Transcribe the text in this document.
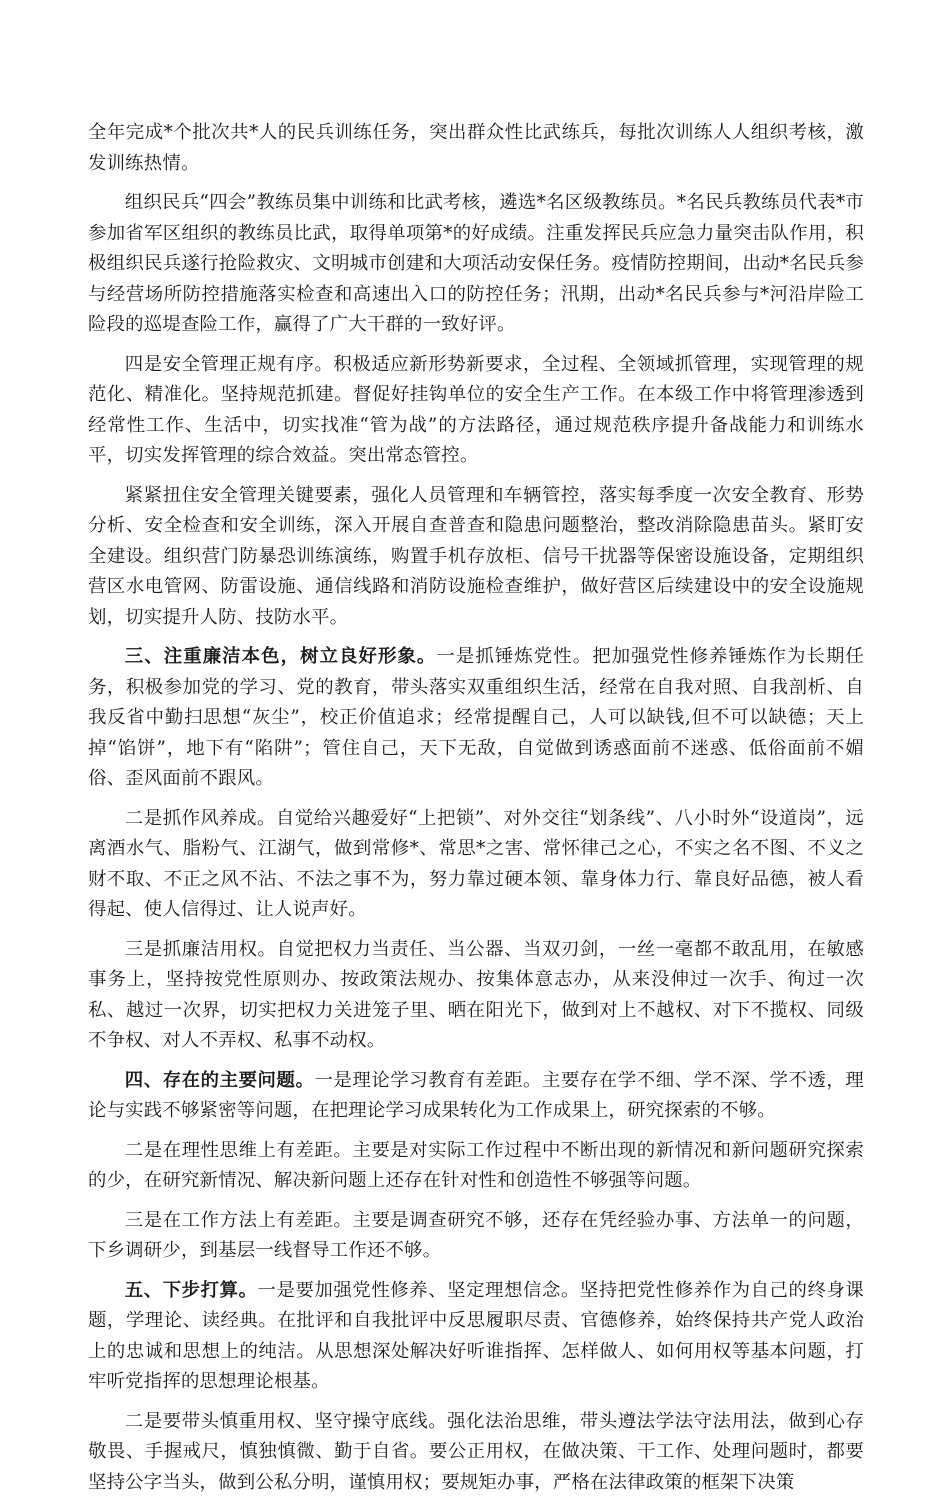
全年完成*个批次共*人的民兵训练任务，突出群众性比武练兵，每批次训练人人组织考核，激发训练热情。

组织民兵“四会”教练员集中训练和比武考核，遴选*名区级教练员。*名民兵教练员代表*市参加省军区组织的教练员比武，取得单项第*的好成绩。注重发挥民兵应急力量突击队作用，积极组织民兵遂行抢险救灾、文明城市创建和大项活动安保任务。疫情防控期间，出动*名民兵参与经营场所防控措施落实检查和高速出入口的防控任务；汛期，出动*名民兵参与*河沿岸险工险段的巡堤查险工作，赢得了广大干群的一致好评。

四是安全管理正规有序。积极适应新形势新要求，全过程、全领域抓管理，实现管理的规范化、精准化。坚持规范抓建。督促好挂钩单位的安全生产工作。在本级工作中将管理渗透到经常性工作、生活中，切实找准“管为战”的方法路径，通过规范秩序提升备战能力和训练水平，切实发挥管理的综合效益。突出常态管控。

紧紧扭住安全管理关键要素，强化人员管理和车辆管控，落实每季度一次安全教育、形势分析、安全检查和安全训练，深入开展自查普查和隐患问题整治，整改消除隐患苗头。紧盯安全建设。组织营门防暴恐训练演练，购置手机存放柜、信号干扰器等保密设施设备，定期组织营区水电管网、防雷设施、通信线路和消防设施检查维护，做好营区后续建设中的安全设施规划，切实提升人防、技防水平。

三、注重廉洁本色，树立良好形象。一是抓锤炼党性。把加强党性修养锤炼作为长期任务，积极参加党的学习、党的教育，带头落实双重组织生活，经常在自我对照、自我剖析、自我反省中勤扫思想“灰尘”，校正价值追求；经常提醒自己，人可以缺钱,但不可以缺德；天上掉“馅饼”，地下有“陷阱”；管住自己，天下无敌，自觉做到诱惑面前不迷惑、低俗面前不媚俗、歪风面前不跟风。

二是抓作风养成。自觉给兴趣爱好“上把锁”、对外交往“划条线”、八小时外“设道岗”，远离酒水气、脂粉气、江湖气，做到常修*、常思*之害、常怀律己之心，不实之名不图、不义之财不取、不正之风不沾、不法之事不为，努力靠过硬本领、靠身体力行、靠良好品德，被人看得起、使人信得过、让人说声好。

三是抓廉洁用权。自觉把权力当责任、当公器、当双刃剑，一丝一毫都不敢乱用，在敏感事务上，坚持按党性原则办、按政策法规办、按集体意志办，从来没伸过一次手、徇过一次私、越过一次界，切实把权力关进笼子里、晒在阳光下，做到对上不越权、对下不揽权、同级不争权、对人不弄权、私事不动权。

四、存在的主要问题。一是理论学习教育有差距。主要存在学不细、学不深、学不透，理论与实践不够紧密等问题，在把理论学习成果转化为工作成果上，研究探索的不够。

二是在理性思维上有差距。主要是对实际工作过程中不断出现的新情况和新问题研究探索的少，在研究新情况、解决新问题上还存在针对性和创造性不够强等问题。

三是在工作方法上有差距。主要是调查研究不够，还存在凭经验办事、方法单一的问题，下乡调研少，到基层一线督导工作还不够。

五、下步打算。一是要加强党性修养、坚定理想信念。坚持把党性修养作为自己的终身课题，学理论、读经典。在批评和自我批评中反思履职尽责、官德修养，始终保持共产党人政治上的忠诚和思想上的纯洁。从思想深处解决好听谁指挥、怎样做人、如何用权等基本问题，打牢听党指挥的思想理论根基。

二是要带头慎重用权、坚守操守底线。强化法治思维，带头遵法学法守法用法，做到心存敬畏、手握戒尺，慎独慎微、勤于自省。要公正用权，在做决策、干工作、处理问题时，都要坚持公字当头，做到公私分明，谨慎用权；要规矩办事，严格在法律政策的框架下决策
